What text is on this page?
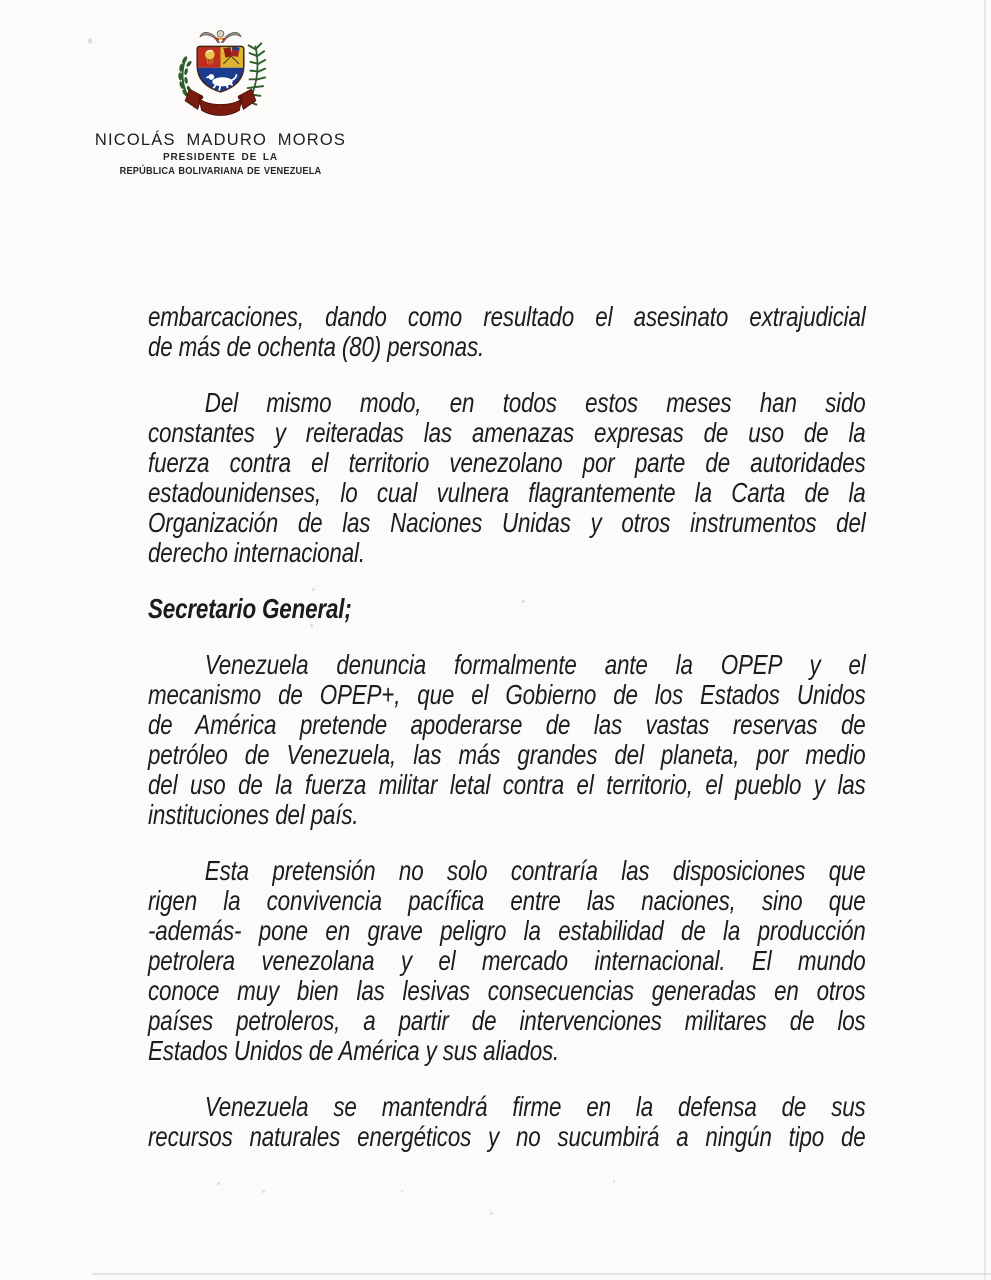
NICOLÁS MADURO MOROS
PRESIDENTE DE LA
REPÚBLICA BOLIVARIANA DE VENEZUELA
embarcaciones, dando como resultado el asesinato extrajudicial
de más de ochenta (80) personas.
Del mismo modo, en todos estos meses han sido
constantes y reiteradas las amenazas expresas de uso de la
fuerza contra el territorio venezolano por parte de autoridades
estadounidenses, lo cual vulnera flagrantemente la Carta de la
Organización de las Naciones Unidas y otros instrumentos del
derecho internacional.
Secretario General;
Venezuela denuncia formalmente ante la OPEP y el
mecanismo de OPEP+, que el Gobierno de los Estados Unidos
de América pretende apoderarse de las vastas reservas de
petróleo de Venezuela, las más grandes del planeta, por medio
del uso de la fuerza militar letal contra el territorio, el pueblo y las
instituciones del país.
Esta pretensión no solo contraría las disposiciones que
rigen la convivencia pacífica entre las naciones, sino que
-además- pone en grave peligro la estabilidad de la producción
petrolera venezolana y el mercado internacional. El mundo
conoce muy bien las lesivas consecuencias generadas en otros
países petroleros, a partir de intervenciones militares de los
Estados Unidos de América y sus aliados.
Venezuela se mantendrá firme en la defensa de sus
recursos naturales energéticos y no sucumbirá a ningún tipo de
